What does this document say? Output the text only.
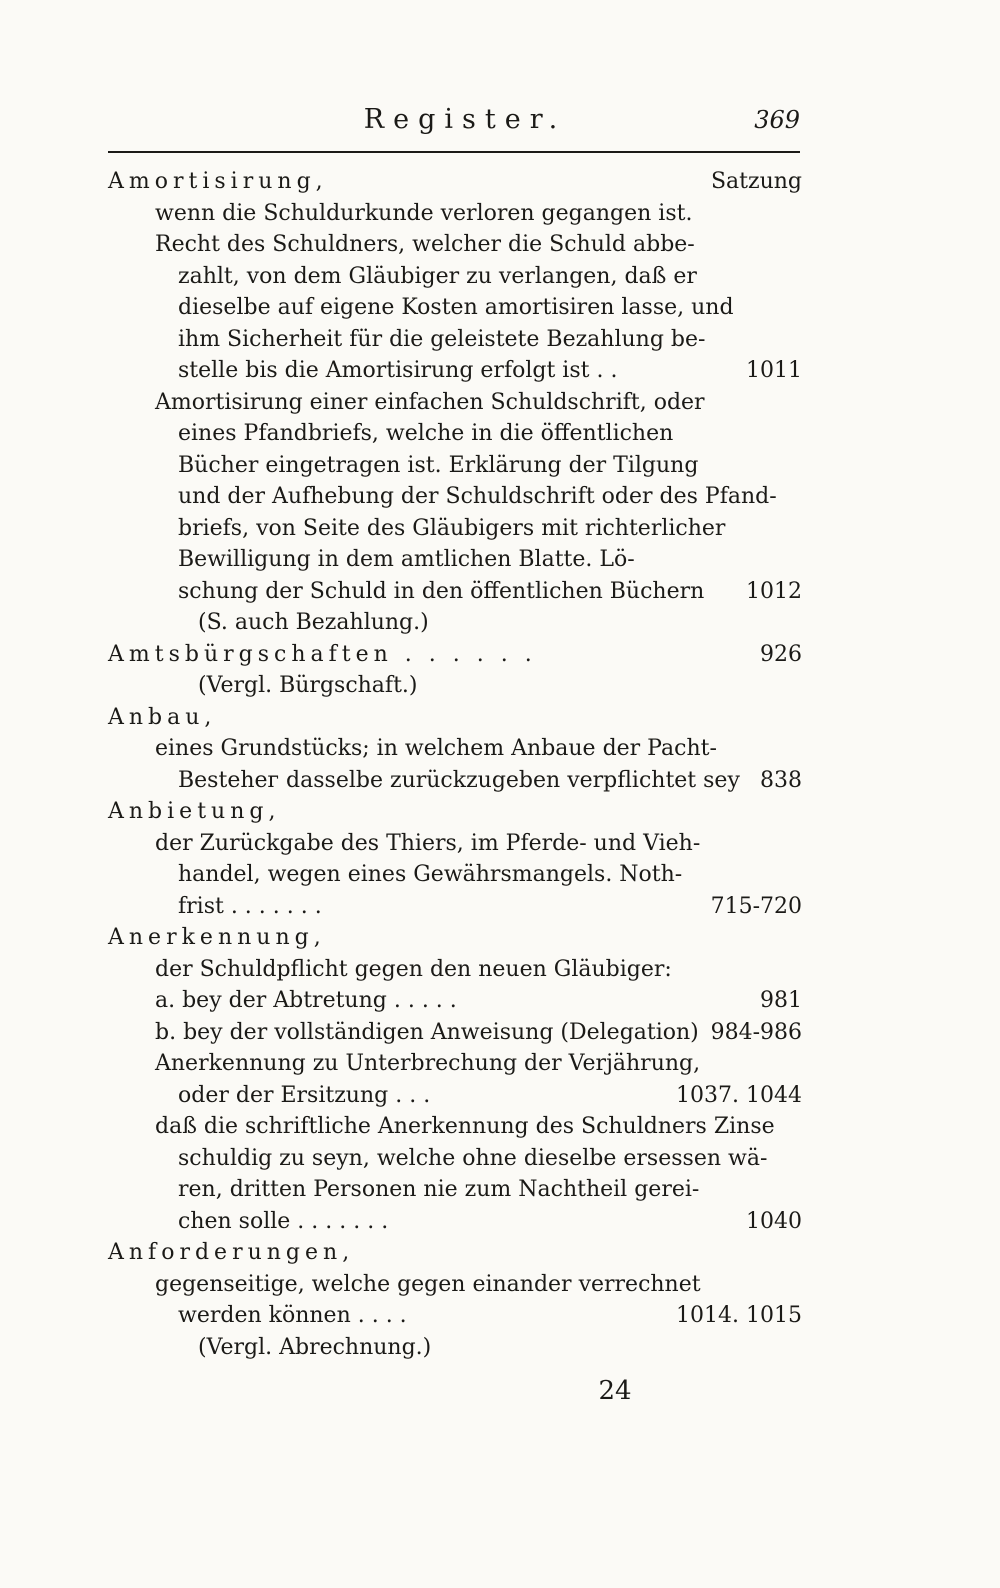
Register.	369
Amortisirung,	Satzung
wenn die Schuldurkunde verloren gegangen ist.
Recht des Schuldners, welcher die Schuld abbe-
zahlt, von dem Gläubiger zu verlangen, daß er
dieselbe auf eigene Kosten amortisiren lasse, und
ihm Sicherheit für die geleistete Bezahlung be-
stelle bis die Amortisirung erfolgt ist . .	1011
Amortisirung einer einfachen Schuldschrift, oder
eines Pfandbriefs, welche in die öffentlichen
Bücher eingetragen ist. Erklärung der Tilgung
und der Aufhebung der Schuldschrift oder des Pfand-
briefs, von Seite des Gläubigers mit richterlicher
Bewilligung in dem amtlichen Blatte. Lö-
schung der Schuld in den öffentlichen Büchern 1012
(S. auch Bezahlung.)
Amtsbürgschaften . . . . . .	926
(Vergl. Bürgschaft.)
Anbau,
eines Grundstücks; in welchem Anbaue der Pacht-
Bestehег dasselbe zurückzugeben verpflichtet sey 838
Anbietung,
der Zurückgabe des Thiers, im Pferde- und Vieh-
handel, wegen eines Gewährsmangels. Noth-
frist . . . . . . .	715-720
Anerkennung,
der Schuldpflicht gegen den neuen Gläubiger:
a. bey der Abtretung . . . . .	981
b. bey der vollständigen Anweisung (Delegation) 984-986
Anerkennung zu Unterbrechung der Verjährung,
oder der Ersitzung . . .	1037. 1044
daß die schriftliche Anerkennung des Schuldners Zinse
schuldig zu seyn, welche ohne dieselbe ersessen wä-
ren, dritten Personen nie zum Nachtheil gerei-
chen solle . . . . . . .	1040
Anforderungen,
gegenseitige, welche gegen einander verrechnet
werden können . . . .	1014. 1015
(Vergl. Abrechnung.)
24
